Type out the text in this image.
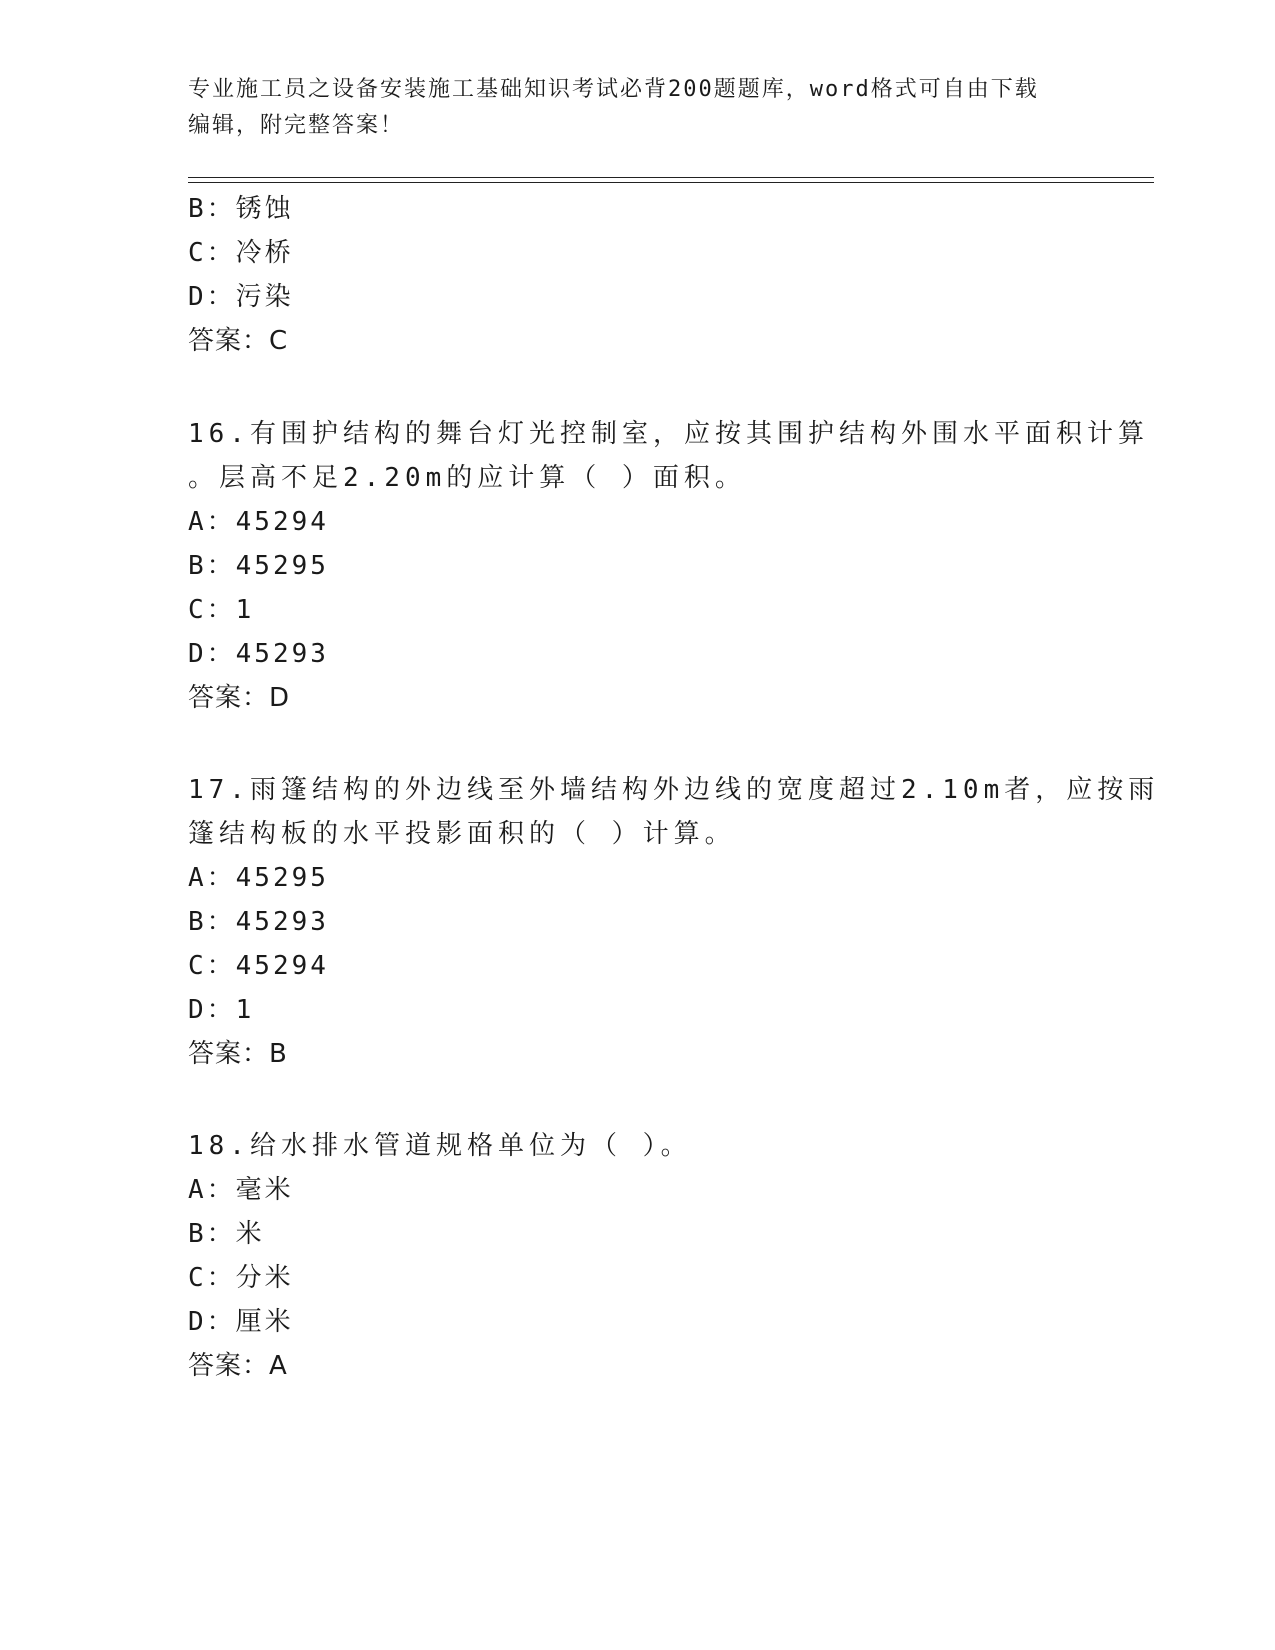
专业施工员之设备安装施工基础知识考试必背200题题库，word格式可自由下载
编辑，附完整答案！
B：锈蚀
C：冷桥
D：污染
答案：C
16.有围护结构的舞台灯光控制室，应按其围护结构外围水平面积计算
。层高不足2.20m的应计算（ ）面积。
A：45294
B：45295
C：1
D：45293
答案：D
17.雨篷结构的外边线至外墙结构外边线的宽度超过2.10m者，应按雨
篷结构板的水平投影面积的（ ）计算。
A：45295
B：45293
C：45294
D：1
答案：B
18.给水排水管道规格单位为（ ）。
A：毫米
B：米
C：分米
D：厘米
答案：A
